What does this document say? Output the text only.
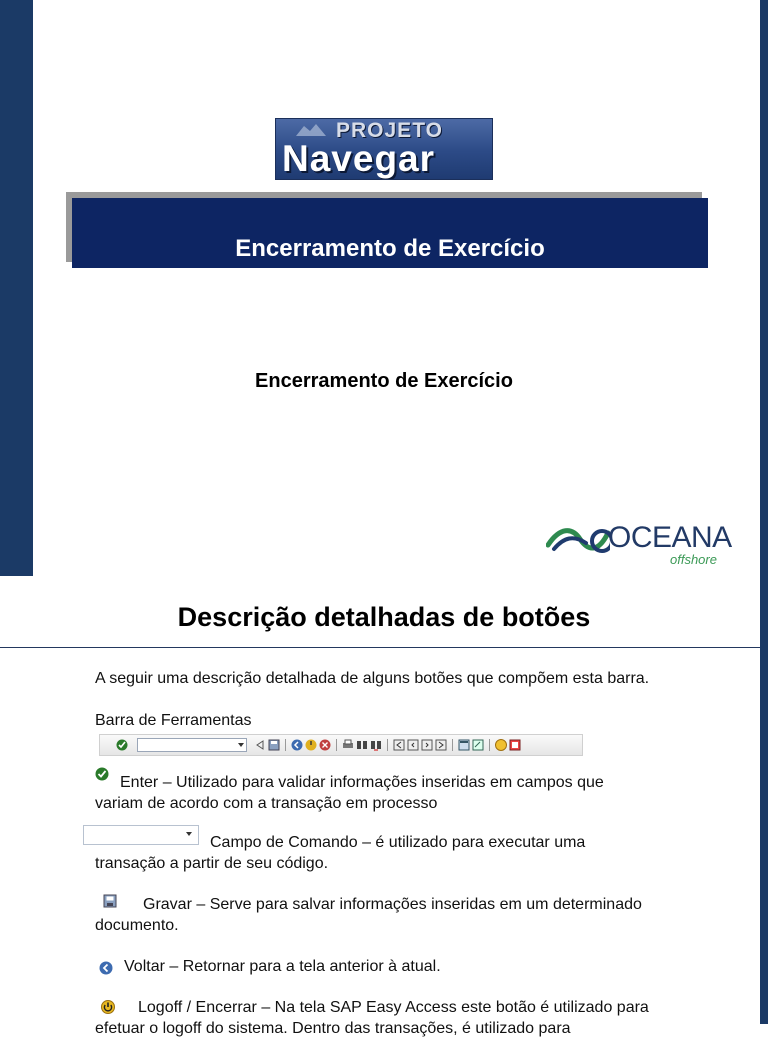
PROJETO
Navegar
Encerramento de Exercício
Encerramento de Exercício
OCEANA
offshore
Descrição detalhadas de botões
A seguir uma descrição detalhada de alguns botões que compõem esta barra.
Barra de Ferramentas
Enter – Utilizado para validar informações inseridas em campos que variam de acordo com a transação em processo
Campo de Comando – é utilizado para executar uma transação a partir de seu código.
Gravar – Serve para salvar informações inseridas em um determinado documento.
Voltar – Retornar para a tela anterior à atual.
Logoff / Encerrar – Na tela SAP Easy Access este botão é utilizado para efetuar o logoff do sistema. Dentro das transações, é utilizado para
